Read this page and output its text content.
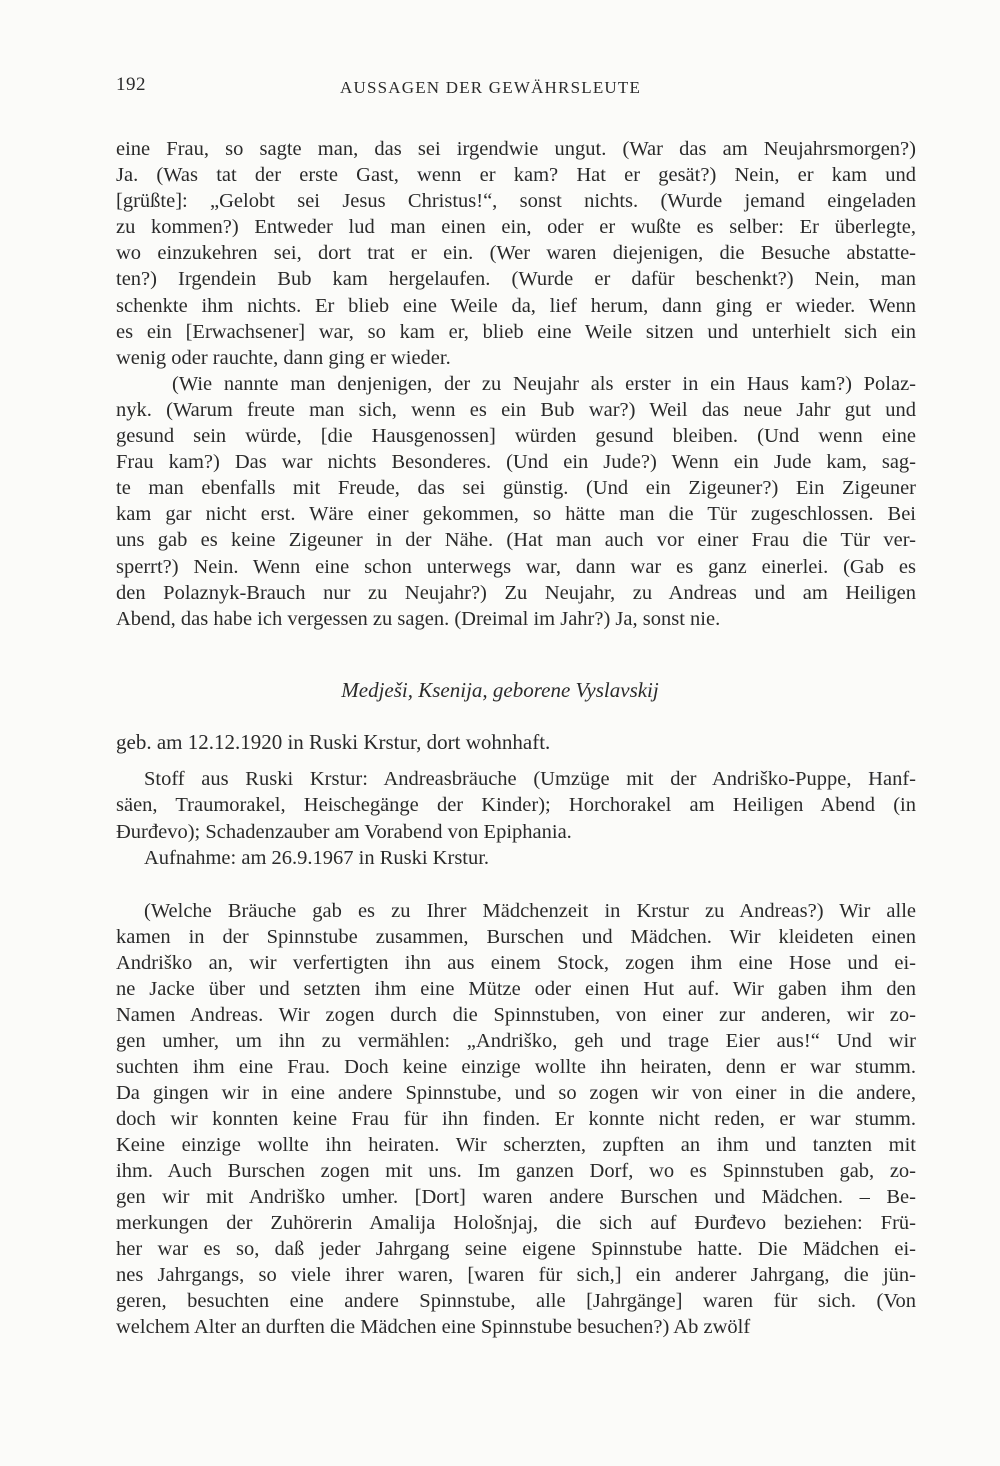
192	AUSSAGEN DER GEWÄHRSLEUTE

eine Frau, so sagte man, das sei irgendwie ungut. (War das am Neujahrsmorgen?)
Ja. (Was tat der erste Gast, wenn er kam? Hat er gesät?) Nein, er kam und
[grüßte]: „Gelobt sei Jesus Christus!“, sonst nichts. (Wurde jemand eingeladen
zu kommen?) Entweder lud man einen ein, oder er wußte es selber: Er überlegte,
wo einzukehren sei, dort trat er ein. (Wer waren diejenigen, die Besuche abstatte-
ten?) Irgendein Bub kam hergelaufen. (Wurde er dafür beschenkt?) Nein, man
schenkte ihm nichts. Er blieb eine Weile da, lief herum, dann ging er wieder. Wenn
es ein [Erwachsener] war, so kam er, blieb eine Weile sitzen und unterhielt sich ein
wenig oder rauchte, dann ging er wieder.

(Wie nannte man denjenigen, der zu Neujahr als erster in ein Haus kam?) Polaz-
nyk. (Warum freute man sich, wenn es ein Bub war?) Weil das neue Jahr gut und
gesund sein würde, [die Hausgenossen] würden gesund bleiben. (Und wenn eine
Frau kam?) Das war nichts Besonderes. (Und ein Jude?) Wenn ein Jude kam, sag-
te man ebenfalls mit Freude, das sei günstig. (Und ein Zigeuner?) Ein Zigeuner
kam gar nicht erst. Wäre einer gekommen, so hätte man die Tür zugeschlossen. Bei
uns gab es keine Zigeuner in der Nähe. (Hat man auch vor einer Frau die Tür ver-
sperrt?) Nein. Wenn eine schon unterwegs war, dann war es ganz einerlei. (Gab es
den Polaznyk-Brauch nur zu Neujahr?) Zu Neujahr, zu Andreas und am Heiligen
Abend, das habe ich vergessen zu sagen. (Dreimal im Jahr?) Ja, sonst nie.

Medješi, Ksenija, geborene Vyslavskij
geb. am 12.12.1920 in Ruski Krstur, dort wohnhaft.

Stoff aus Ruski Krstur: Andreasbräuche (Umzüge mit der Andriško-Puppe, Hanf-
säen, Traumorakel, Heischegänge der Kinder); Horchorakel am Heiligen Abend (in
Đurđevo); Schadenzauber am Vorabend von Epiphania.
Aufnahme: am 26.9.1967 in Ruski Krstur.

(Welche Bräuche gab es zu Ihrer Mädchenzeit in Krstur zu Andreas?) Wir alle
kamen in der Spinnstube zusammen, Burschen und Mädchen. Wir kleideten einen
Andriško an, wir verfertigten ihn aus einem Stock, zogen ihm eine Hose und ei-
ne Jacke über und setzten ihm eine Mütze oder einen Hut auf. Wir gaben ihm den
Namen Andreas. Wir zogen durch die Spinnstuben, von einer zur anderen, wir zo-
gen umher, um ihn zu vermählen: „Andriško, geh und trage Eier aus!“ Und wir
suchten ihm eine Frau. Doch keine einzige wollte ihn heiraten, denn er war stumm.
Da gingen wir in eine andere Spinnstube, und so zogen wir von einer in die andere,
doch wir konnten keine Frau für ihn finden. Er konnte nicht reden, er war stumm.
Keine einzige wollte ihn heiraten. Wir scherzten, zupften an ihm und tanzten mit
ihm. Auch Burschen zogen mit uns. Im ganzen Dorf, wo es Spinnstuben gab, zo-
gen wir mit Andriško umher. [Dort] waren andere Burschen und Mädchen. – Be-
merkungen der Zuhörerin Amalija Hološnjaj, die sich auf Đurđevo beziehen: Frü-
her war es so, daß jeder Jahrgang seine eigene Spinnstube hatte. Die Mädchen ei-
nes Jahrgangs, so viele ihrer waren, [waren für sich,] ein anderer Jahrgang, die jün-
geren, besuchten eine andere Spinnstube, alle [Jahrgänge] waren für sich. (Von
welchem Alter an durften die Mädchen eine Spinnstube besuchen?) Ab zwölf
